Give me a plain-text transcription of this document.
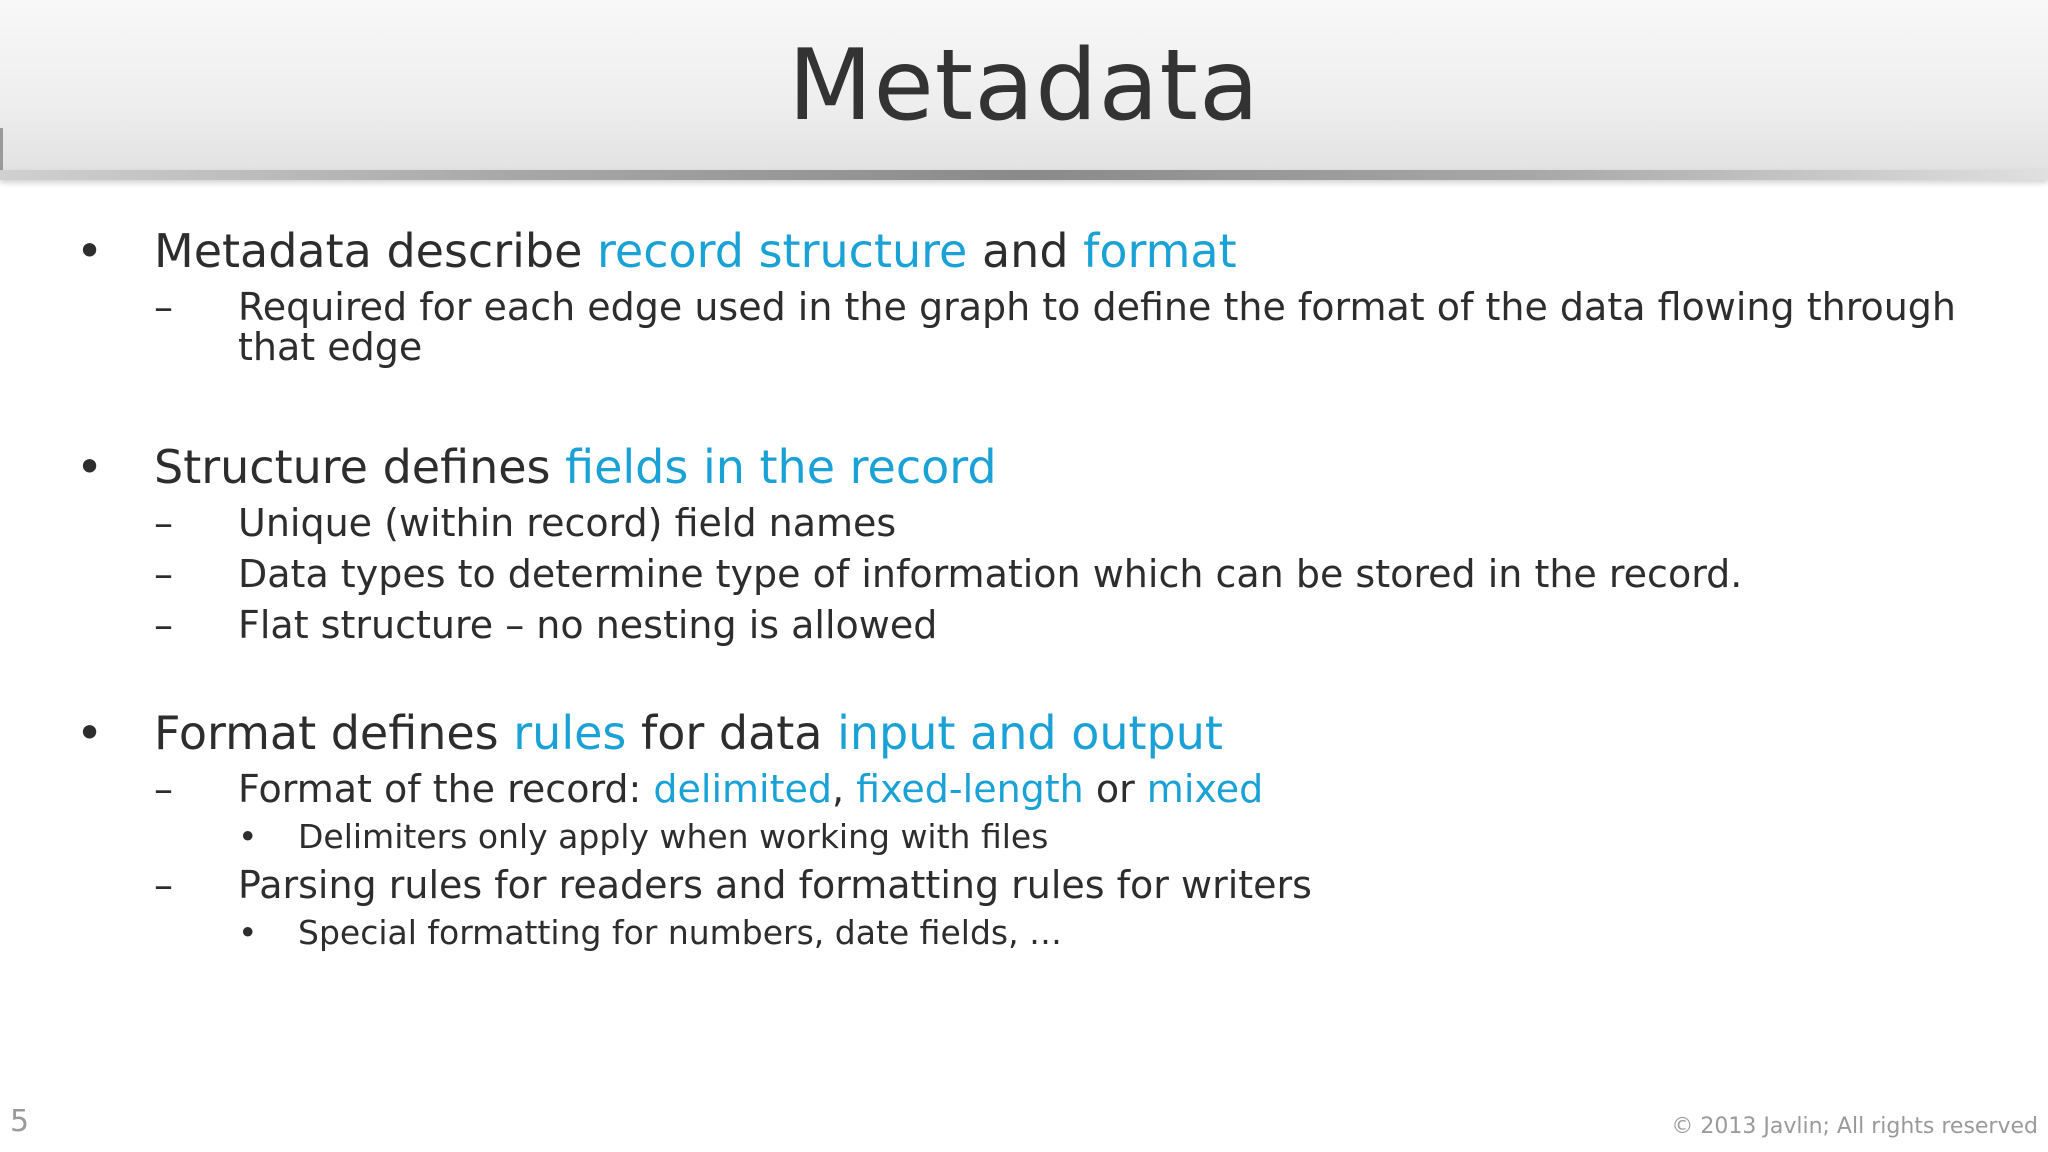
Metadata
• Metadata describe record structure and format
– Required for each edge used in the graph to define the format of the data flowing through
that edge
• Structure defines fields in the record
– Unique (within record) field names
– Data types to determine type of information which can be stored in the record.
– Flat structure – no nesting is allowed
• Format defines rules for data input and output
– Format of the record: delimited, fixed-length or mixed
• Delimiters only apply when working with files
– Parsing rules for readers and formatting rules for writers
• Special formatting for numbers, date fields, …
5	© 2013 Javlin; All rights reserved
